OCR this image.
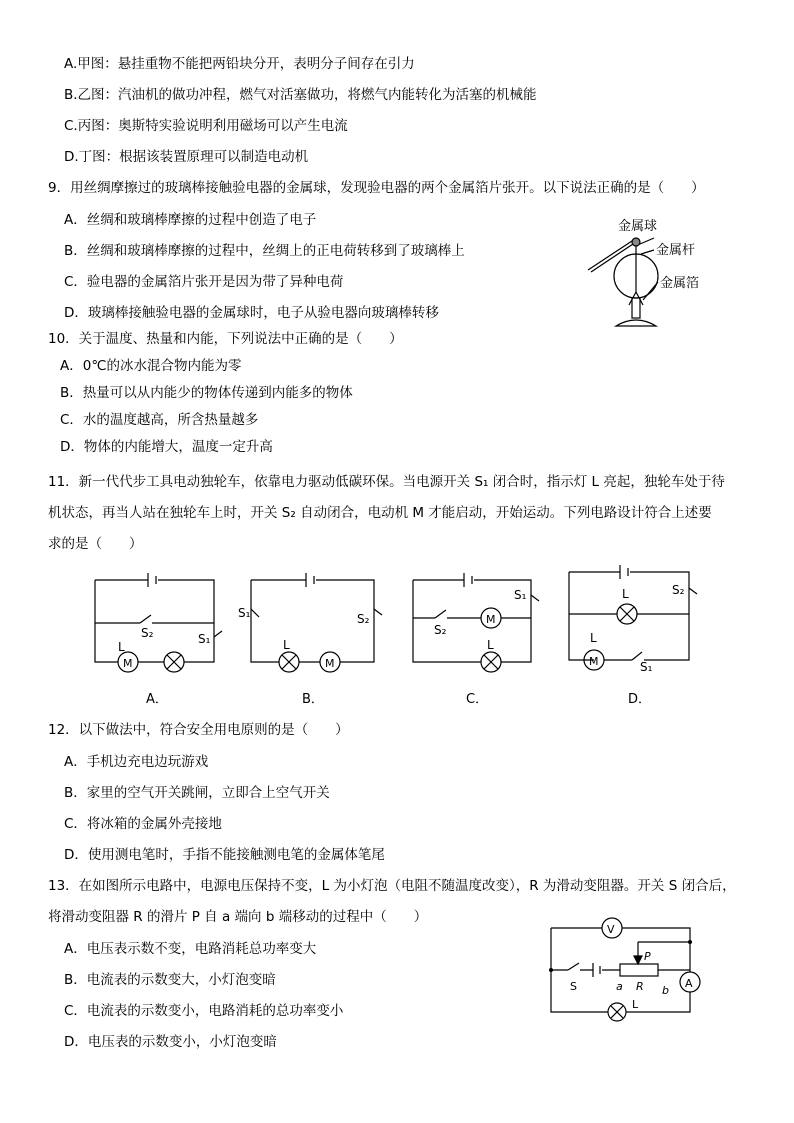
A.甲图：悬挂重物不能把两铅块分开，表明分子间存在引力
B.乙图：汽油机的做功冲程，燃气对活塞做功，将燃气内能转化为活塞的机械能
C.丙图：奥斯特实验说明利用磁场可以产生电流
D.丁图：根据该装置原理可以制造电动机
9．用丝绸摩擦过的玻璃棒接触验电器的金属球，发现验电器的两个金属箔片张开。以下说法正确的是（　　）
A．丝绸和玻璃棒摩擦的过程中创造了电子
B．丝绸和玻璃棒摩擦的过程中，丝绸上的正电荷转移到了玻璃棒上
C．验电器的金属箔片张开是因为带了异种电荷
D．玻璃棒接触验电器的金属球时，电子从验电器向玻璃棒转移
金属球
金属杆
金属箔
10．关于温度、热量和内能，下列说法中正确的是（　　）
A．0℃的冰水混合物内能为零
B．热量可以从内能少的物体传递到内能多的物体
C．水的温度越高，所含热量越多
D．物体的内能增大，温度一定升高
11．新一代代步工具电动独轮车，依靠电力驱动低碳环保。当电源开关 S₁ 闭合时，指示灯 L 亮起，独轮车处于待
机状态，再当人站在独轮车上时，开关 S₂ 自动闭合，电动机 M 才能启动，开始运动。下列电路设计符合上述要
求的是（　　）
S₂	S₁
L
M
A．
S₁	S₂
L
M
B．
S₁
S₂
M
L
C．
L	S₂
L
M	S₁
D．
12．以下做法中，符合安全用电原则的是（　　）
A．手机边充电边玩游戏
B．家里的空气开关跳闸，立即合上空气开关
C．将冰箱的金属外壳接地
D．使用测电笔时，手指不能接触测电笔的金属体笔尾
13．在如图所示电路中，电源电压保持不变，L 为小灯泡（电阻不随温度改变），R 为滑动变阻器。开关 S 闭合后，
将滑动变阻器 R 的滑片 P 自 a 端向 b 端移动的过程中（　　）
A．电压表示数不变，电路消耗总功率变大
B．电流表的示数变大，小灯泡变暗
C．电流表的示数变小，电路消耗的总功率变小
D．电压表的示数变小，小灯泡变暗
V
A
P
R
a	b
S
L
